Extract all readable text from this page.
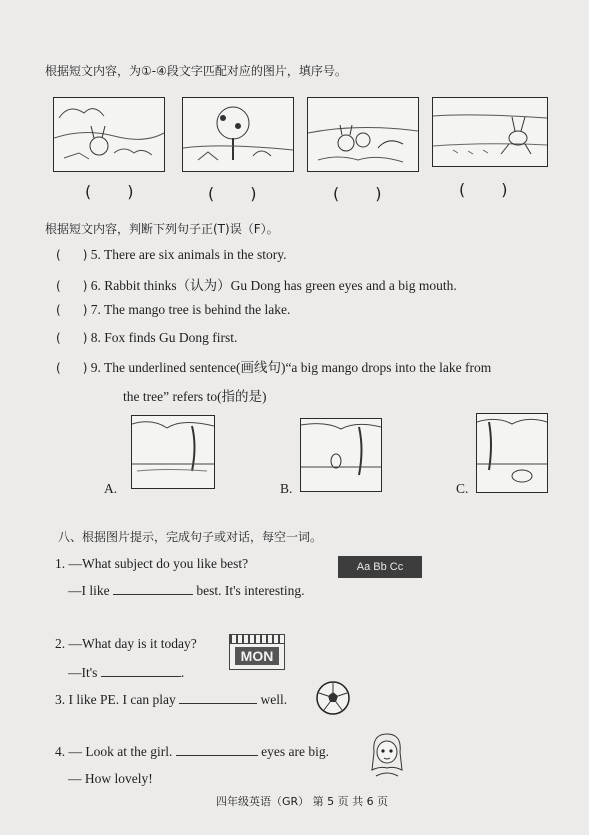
根据短文内容，为①-④段文字匹配对应的图片，填序号。
( )	( )	( )	( )
根据短文内容，判断下列句子正(T)误（F）。
( ) 5. There are six animals in the story.
( ) 6. Rabbit thinks（认为）Gu Dong has green eyes and a big mouth.
( ) 7. The mango tree is behind the lake.
( ) 8. Fox finds Gu Dong first.
( ) 9. The underlined sentence(画线句)“a big mango drops into the lake from
the tree” refers to(指的是)
A.	B.	C.
八、根据图片提示，完成句子或对话，每空一词。
1. —What subject do you like best?	Aa Bb Cc
—I like	best. It's interesting.
2. —What day is it today?
MON
—It's	.
3. I like PE. I can play	well.
4. — Look at the girl.	eyes are big.
— How lovely!
四年级英语（GR） 第 5 页 共 6 页
